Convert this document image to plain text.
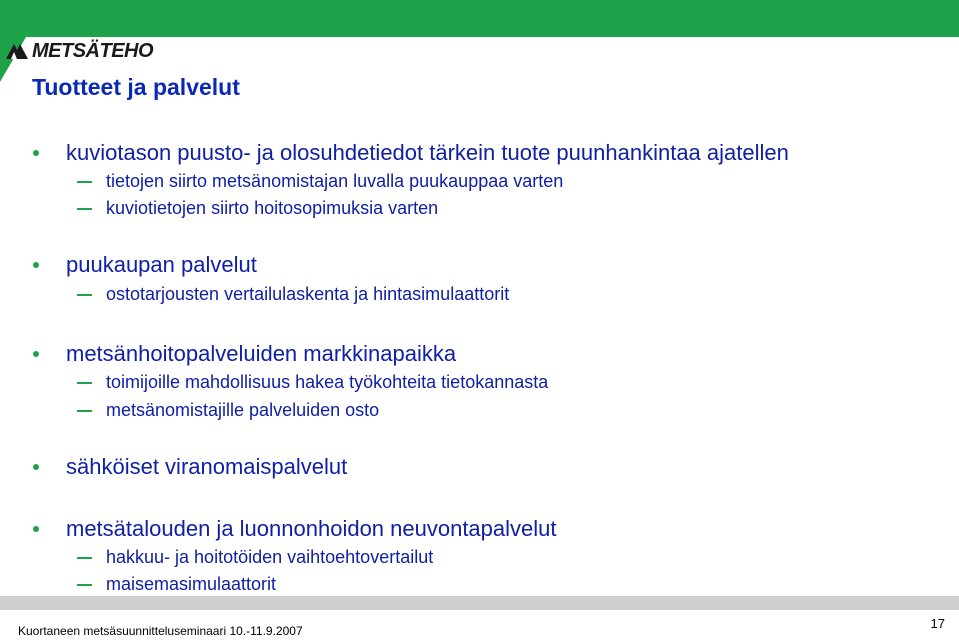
METSÄTEHO
Tuotteet ja palvelut
kuviotason puusto- ja olosuhdetiedot tärkein tuote puunhankintaa ajatellen
tietojen siirto metsänomistajan luvalla puukauppaa varten
kuviotietojen siirto hoitosopimuksia varten
puukaupan palvelut
ostotarjousten vertailulaskenta ja hintasimulaattorit
metsänhoitopalveluiden markkinapaikka
toimijoille mahdollisuus hakea työkohteita tietokannasta
metsänomistajille palveluiden osto
sähköiset viranomaispalvelut
metsätalouden ja luonnonhoidon neuvontapalvelut
hakkuu- ja hoitotöiden vaihtoehtovertailut
maisemasimulaattorit
Kuortaneen metsäsuunnitteluseminaari 10.-11.9.2007	17
